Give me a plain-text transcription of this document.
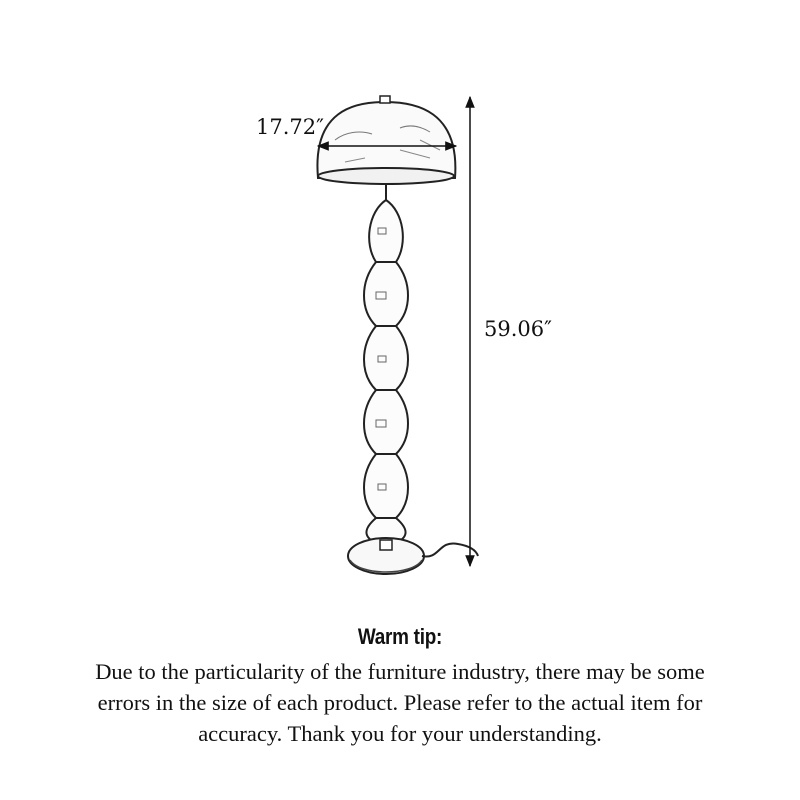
17.72″
59.06″
Warm tip:
Due to the particularity of the furniture industry, there may be some
errors in the size of each product. Please refer to the actual item for
accuracy. Thank you for your understanding.
